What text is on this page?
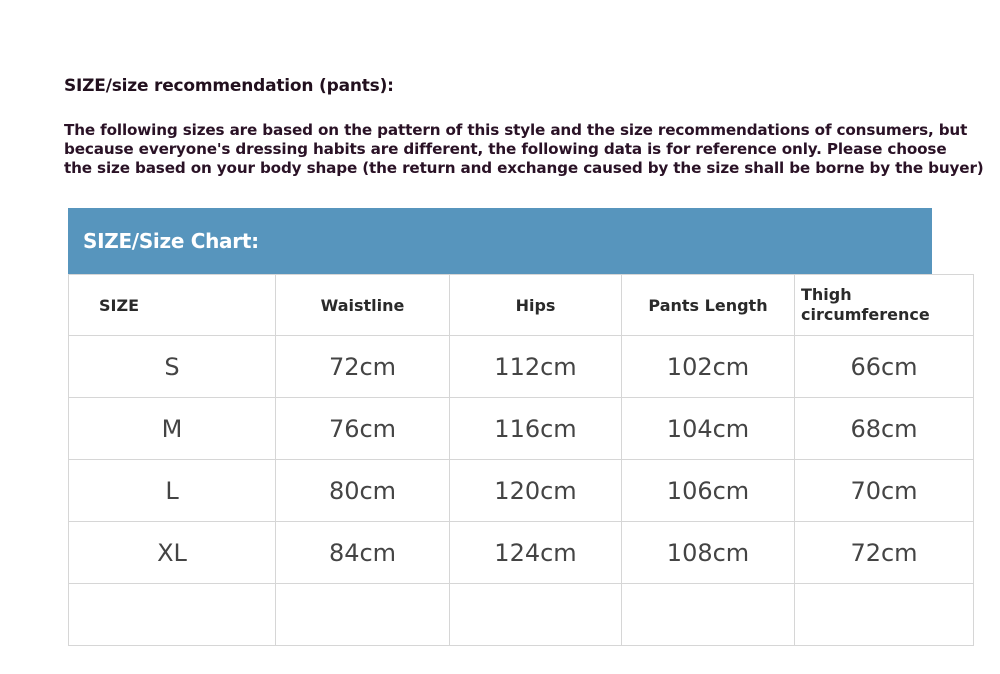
SIZE/size recommendation (pants):
The following sizes are based on the pattern of this style and the size recommendations of consumers, but
because everyone's dressing habits are different, the following data is for reference only. Please choose
the size based on your body shape (the return and exchange caused by the size shall be borne by the buyer)
SIZE/Size Chart:
SIZE	Waistline	Hips	Pants Length	Thigh
circumference

S	72cm	112cm	102cm	66cm
M	76cm	116cm	104cm	68cm
L	80cm	120cm	106cm	70cm
XL	84cm	124cm	108cm	72cm
